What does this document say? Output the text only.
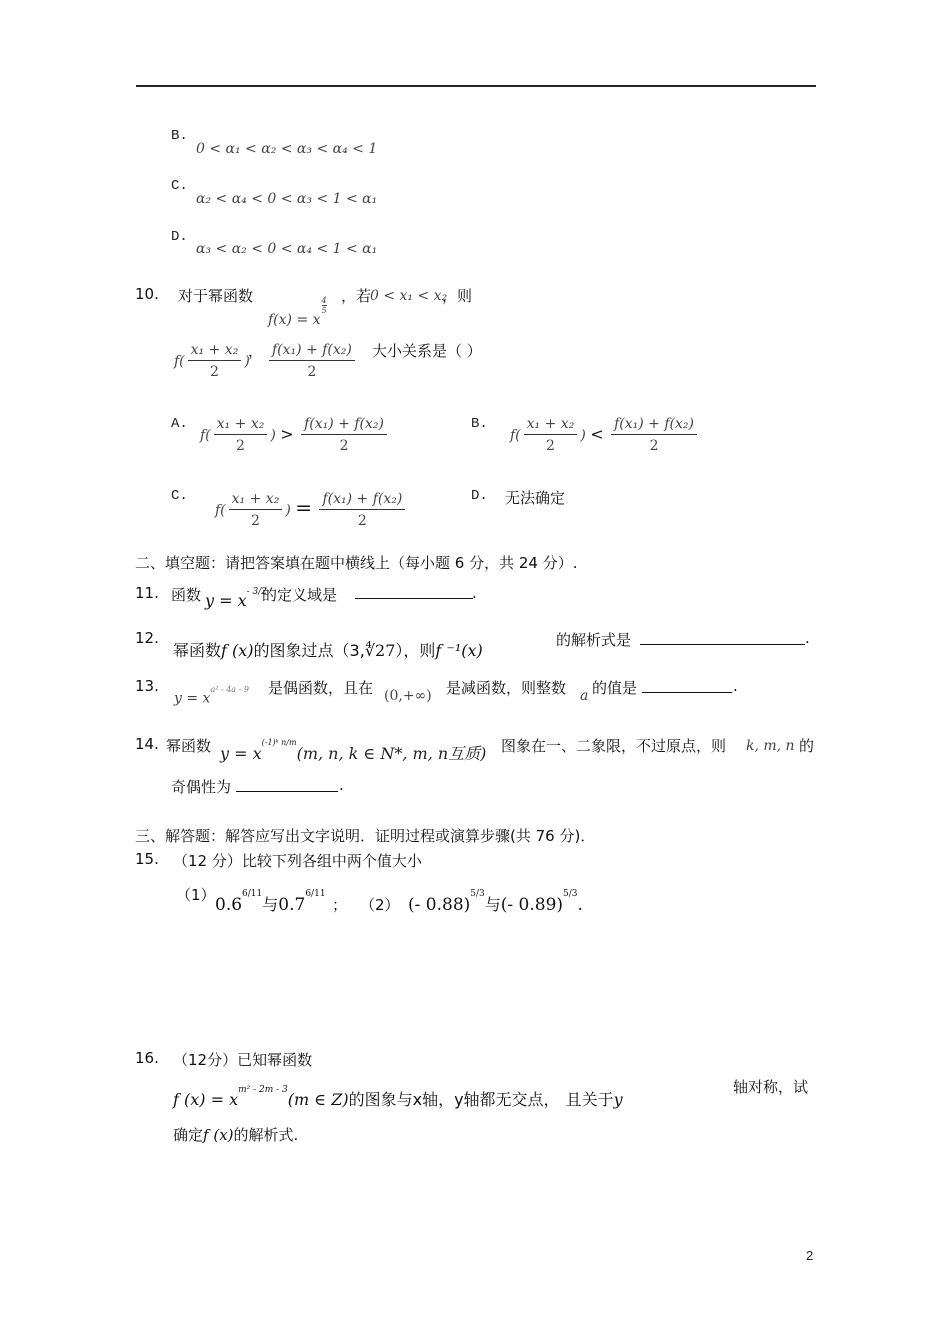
B.
0 < α₁ < α₂ < α₃ < α₄ < 1
C.
α₂ < α₄ < 0 < α₃ < 1 < α₁
D.
α₃ < α₂ < 0 < α₄ < 1 < α₁
10. 对于幂函数
f(x) = x
$\frac{4}{5}$ ，若
0 < x₁ < x₂
，则
$f( \frac{\text{x₁ + x₂}}{2}$ )
， $\frac{\text{f(x₁) + f(x₂)}}{2}$ 大小关系是（ ）
A.
$f( \frac{\text{x₁ + x₂}}{2}$ ) > $\frac{\text{f(x₁) + f(x₂)}}{2}$	B.
$f( \frac{\text{x₁ + x₂}}{2}$ ) < $\frac{\text{f(x₁) + f(x₂)}}{2}$
C.
$f( \frac{\text{x₁ + x₂}}{2}$ ) = $\frac{\text{f(x₁) + f(x₂)}}{2}$	D. 无法确定
二、填空题：请把答案填在题中横线上（每小题 6 分，共 24 分）.
11. 函数 $y = x^{- 3/2}$
的定义域是	.
12.
幂函数f (x)的图象过点（3,∜27），则f ⁻¹(x)
的解析式是	.
13.
$y = x^{a^2 - 4a - 9}$ 是偶函数，且在 (0,+∞) 是减函数，则整数 a 的值是	.
14. 幂函数 $y = x^{(-1)ᵏ n/m}(m$, n, k ∈ N*, m, n互质) 图象在一、二象限，不过原点，则 k, m, n 的
奇偶性为	.
三、解答题：解答应写出文字说明．证明过程或演算步骤(共 76 分)．
15. （12 分）比较下列各组中两个值大小
（1） $0.6^{6/11}$与$0.7^{6/11}$
； （2） (- 0.88)$^{5/3}$与(- 0.89)$^{5/3}$.
16. （12分）已知幂函数
f $(x) = x^{m^2 - 2m - 3}(m$ ∈ Z)的图象与x轴，y轴都无交点， 且关于y
轴对称，试
确定f (x)的解析式.
2
